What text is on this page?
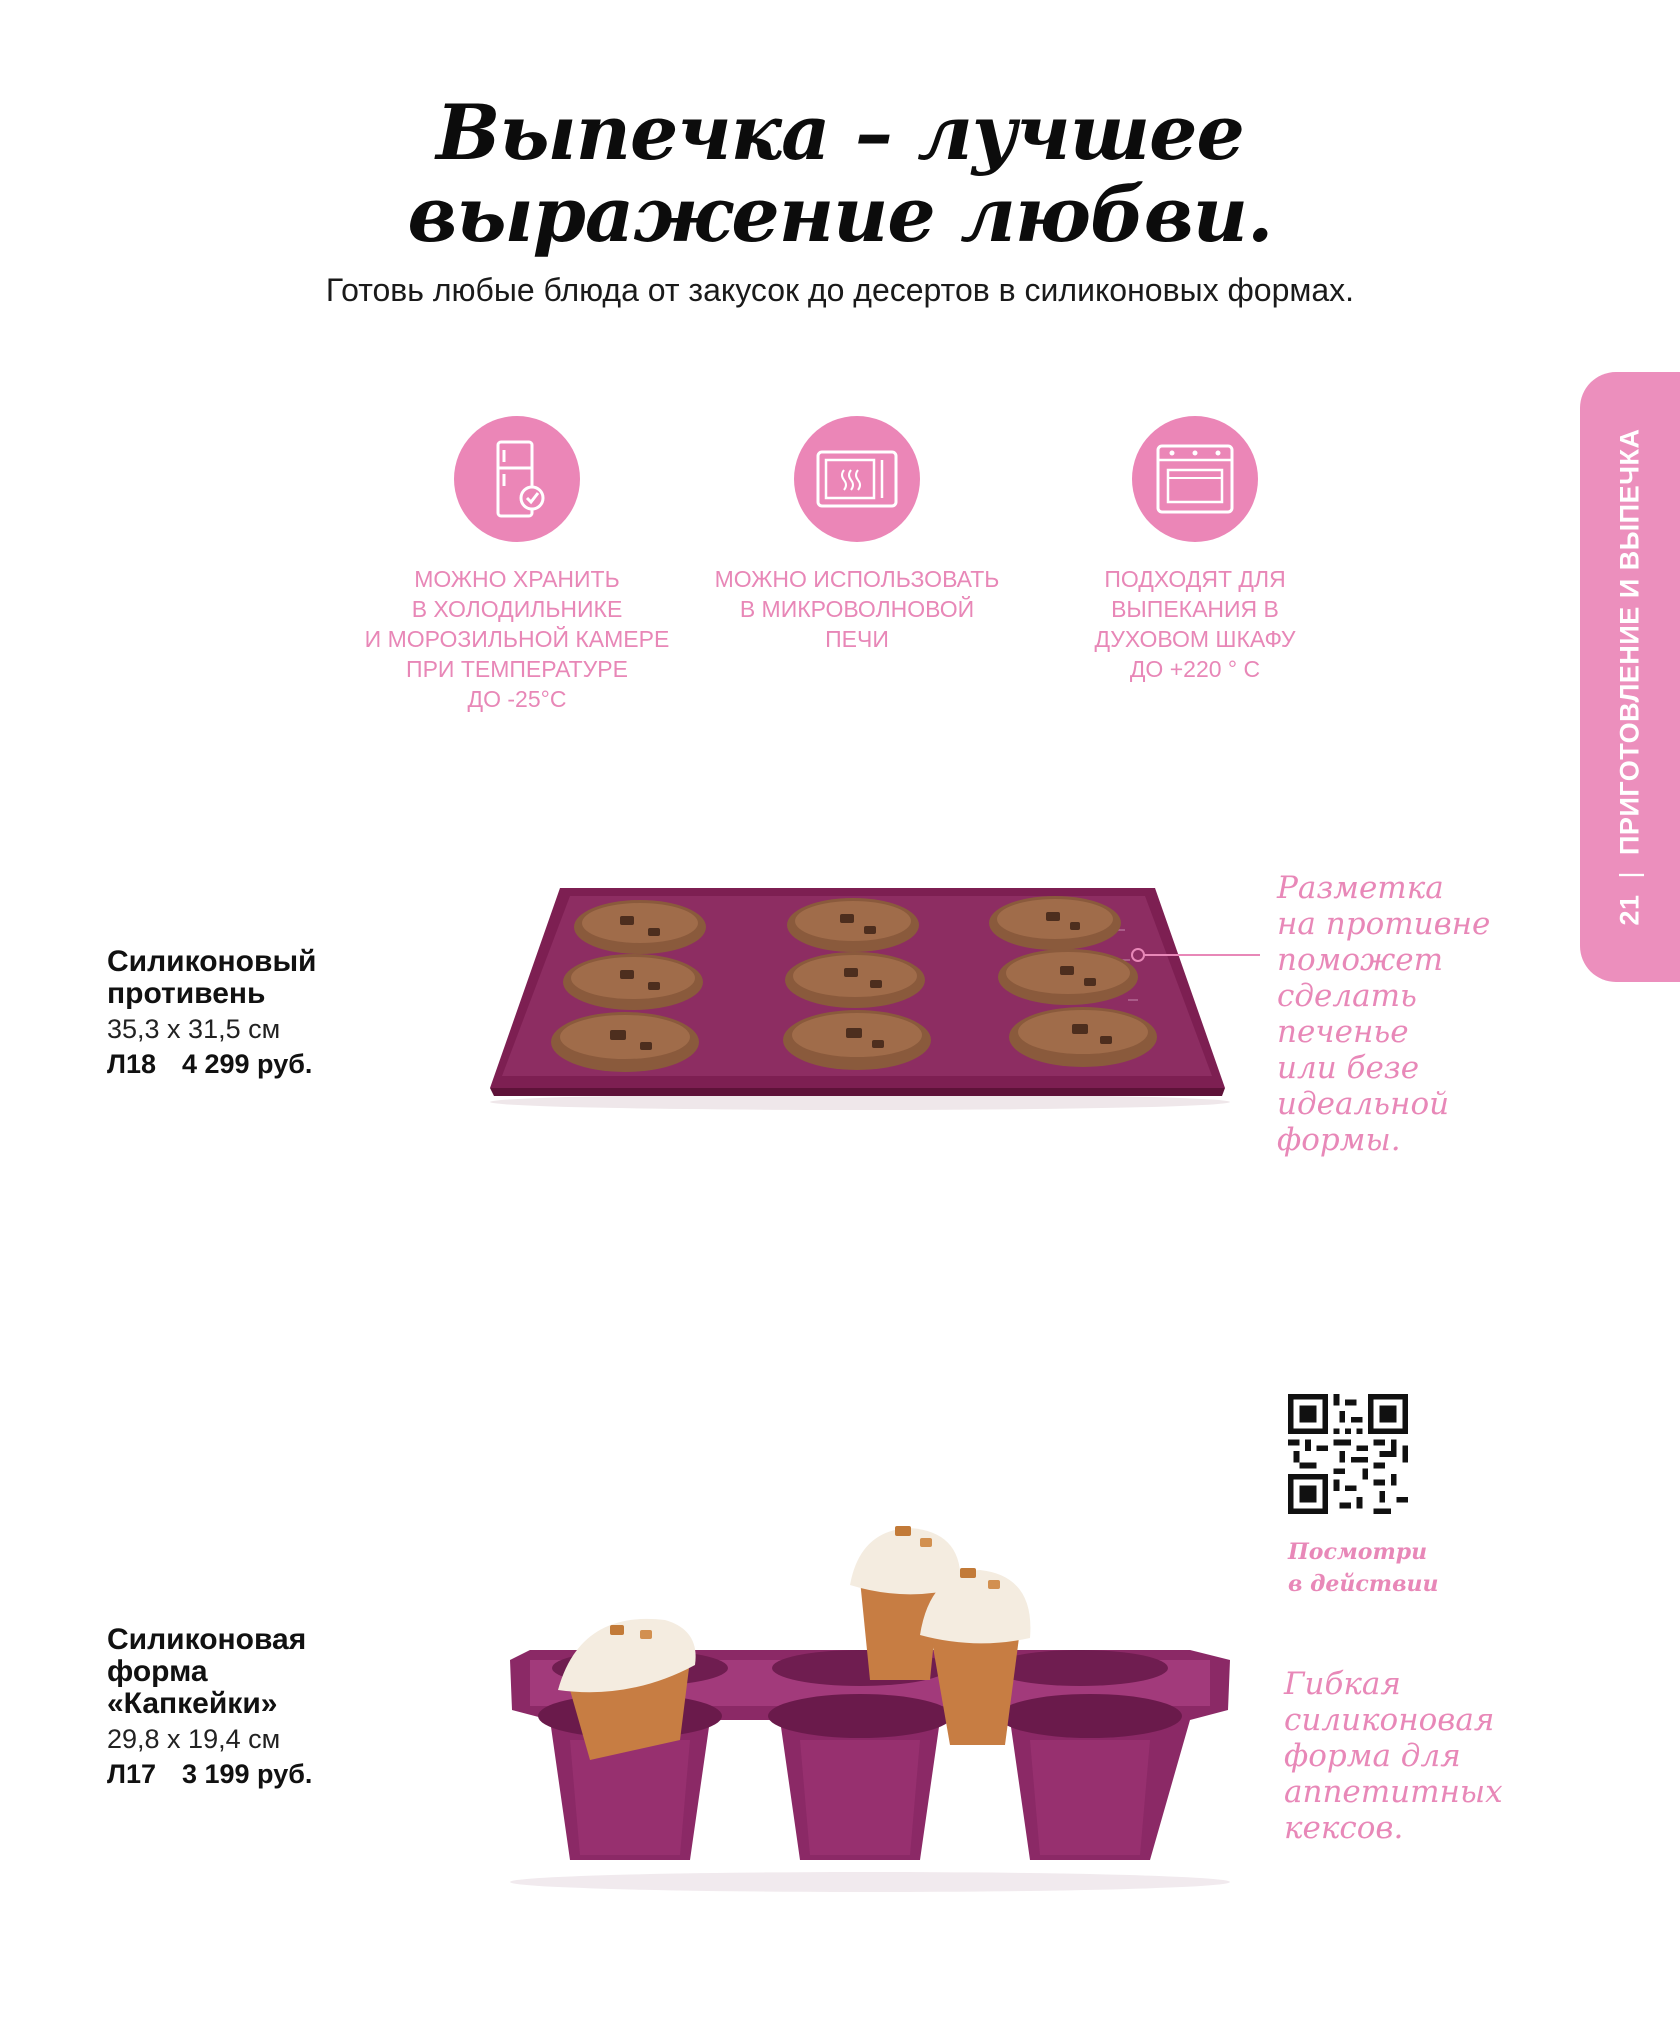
Выпечка – лучшее
выражение любви.
Готовь любые блюда от закусок до десертов в силиконовых формах.
21|ПРИГОТОВЛЕНИЕ И ВЫПЕЧКА
МОЖНО ХРАНИТЬ
В ХОЛОДИЛЬНИКЕ
И МОРОЗИЛЬНОЙ КАМЕРЕ
ПРИ ТЕМПЕРАТУРЕ
ДО -25°С
МОЖНО ИСПОЛЬЗОВАТЬ
В МИКРОВОЛНОВОЙ
ПЕЧИ
ПОДХОДЯТ ДЛЯ
ВЫПЕКАНИЯ В
ДУХОВОМ ШКАФУ
ДО +220 ° С
Силиконовый
противень
35,3 x 31,5 см
Л18 4 299 руб.
Разметка
на противне
поможет
сделать
печенье
или безе
идеальной
формы.
Посмотри
в действии
Силиконовая
форма
«Капкейки»
29,8 x 19,4 см
Л17 3 199 руб.
Гибкая
силиконовая
форма для
аппетитных
кексов.
